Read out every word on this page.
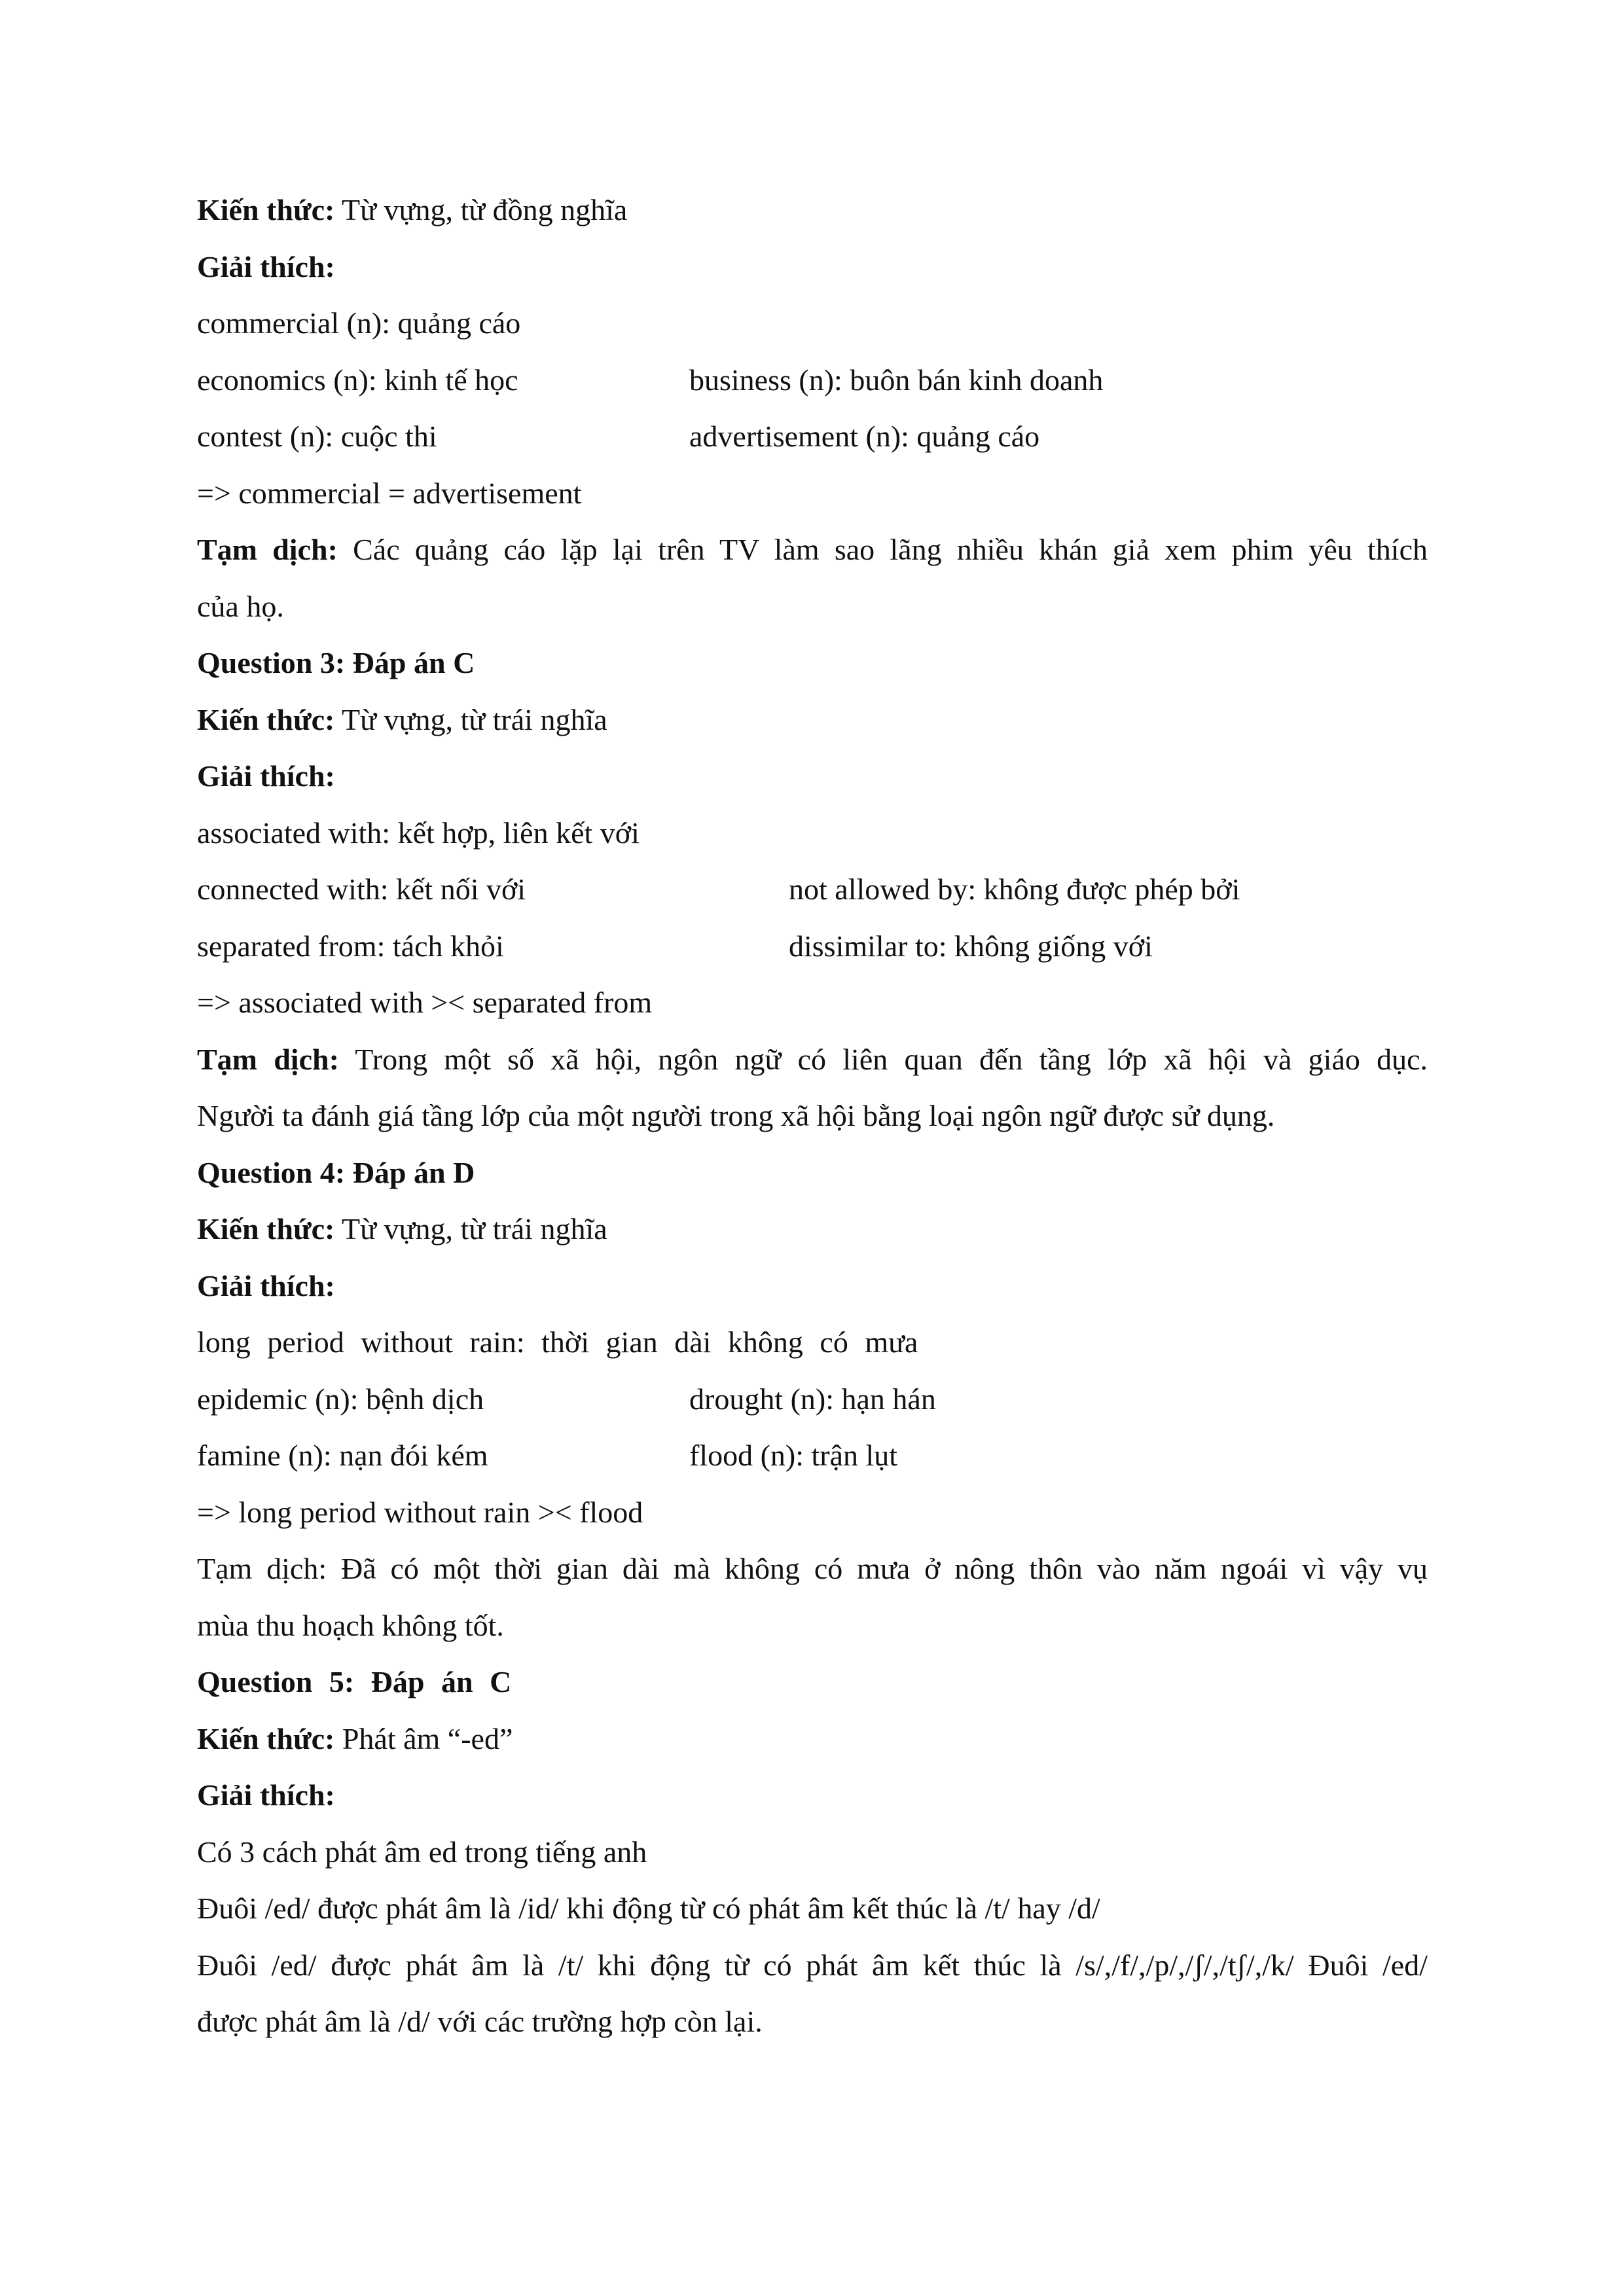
Kiến thức: Từ vựng, từ đồng nghĩa
Giải thích:
commercial (n): quảng cáo
economics (n): kinh tế học	business (n): buôn bán kinh doanh
contest (n): cuộc thi	advertisement (n): quảng cáo
=> commercial = advertisement
Tạm dịch: Các quảng cáo lặp lại trên TV làm sao lãng nhiều khán giả xem phim yêu thích
của họ.
Question 3: Đáp án C
Kiến thức: Từ vựng, từ trái nghĩa
Giải thích:
associated with: kết hợp, liên kết với
connected with: kết nối với	not allowed by: không được phép bởi
separated from: tách khỏi	dissimilar to: không giống với
=> associated with >< separated from
Tạm dịch: Trong một số xã hội, ngôn ngữ có liên quan đến tầng lớp xã hội và giáo dục.
Người ta đánh giá tầng lớp của một người trong xã hội bằng loại ngôn ngữ được sử dụng.
Question 4: Đáp án D
Kiến thức: Từ vựng, từ trái nghĩa
Giải thích:
long period without rain: thời gian dài không có mưa
epidemic (n): bệnh dịch	drought (n): hạn hán
famine (n): nạn đói kém	flood (n): trận lụt
=> long period without rain >< flood
Tạm dịch: Đã có một thời gian dài mà không có mưa ở nông thôn vào năm ngoái vì vậy vụ
mùa thu hoạch không tốt.
Question 5: Đáp án C
Kiến thức: Phát âm “-ed”
Giải thích:
Có 3 cách phát âm ed trong tiếng anh
Đuôi /ed/ được phát âm là /id/ khi động từ có phát âm kết thúc là /t/ hay /d/
Đuôi /ed/ được phát âm là /t/ khi động từ có phát âm kết thúc là /s/,/f/,/p/,/ʃ/,/tʃ/,/k/ Đuôi /ed/
được phát âm là /d/ với các trường hợp còn lại.
